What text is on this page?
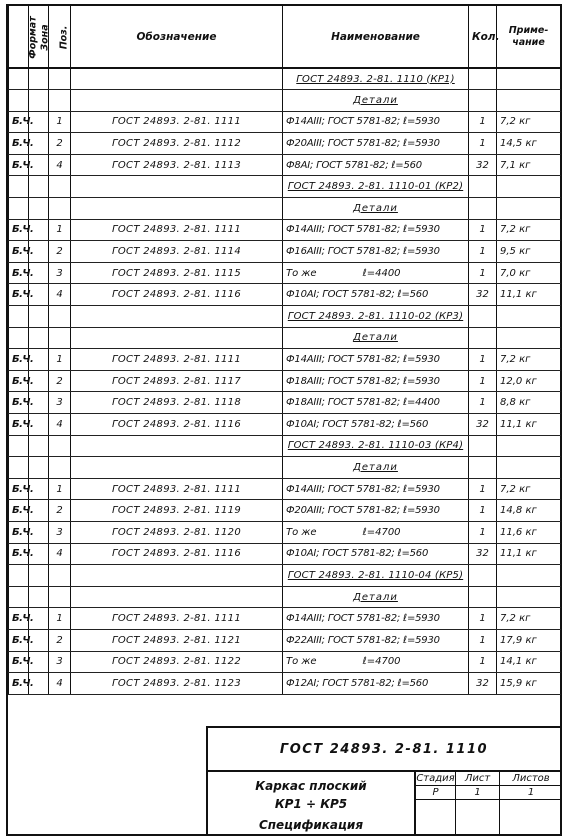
Формат	Зона	Поз.	Обозначение	Наименование	Кол.	Приме-
чание
				ГОСТ 24893. 2-81. 1110 (КР1)		
				Детали		
Б.Ч.		1	ГОСТ 24893. 2-81. 1111	Ф14АIII; ГОСТ 5781-82; ℓ=5930	1	7,2 кг
Б.Ч.		2	ГОСТ 24893. 2-81. 1112	Ф20АIII; ГОСТ 5781-82; ℓ=5930	1	14,5 кг
Б.Ч.		4	ГОСТ 24893. 2-81. 1113	Ф8АI; ГОСТ 5781-82; ℓ=560	32	7,1 кг
				ГОСТ 24893. 2-81. 1110-01 (КР2)		
				Детали		
Б.Ч.		1	ГОСТ 24893. 2-81. 1111	Ф14АIII; ГОСТ 5781-82; ℓ=5930	1	7,2 кг
Б.Ч.		2	ГОСТ 24893. 2-81. 1114	Ф16АIII; ГОСТ 5781-82; ℓ=5930	1	9,5 кг
Б.Ч.		3	ГОСТ 24893. 2-81. 1115	То же ℓ=4400	1	7,0 кг
Б.Ч.		4	ГОСТ 24893. 2-81. 1116	Ф10АI; ГОСТ 5781-82; ℓ=560	32	11,1 кг
				ГОСТ 24893. 2-81. 1110-02 (КР3)		
				Детали		
Б.Ч.		1	ГОСТ 24893. 2-81. 1111	Ф14АIII; ГОСТ 5781-82; ℓ=5930	1	7,2 кг
Б.Ч.		2	ГОСТ 24893. 2-81. 1117	Ф18АIII; ГОСТ 5781-82; ℓ=5930	1	12,0 кг
Б.Ч.		3	ГОСТ 24893. 2-81. 1118	Ф18АIII; ГОСТ 5781-82; ℓ=4400	1	8,8 кг
Б.Ч.		4	ГОСТ 24893. 2-81. 1116	Ф10АI; ГОСТ 5781-82; ℓ=560	32	11,1 кг
				ГОСТ 24893. 2-81. 1110-03 (КР4)		
				Детали		
Б.Ч.		1	ГОСТ 24893. 2-81. 1111	Ф14АIII; ГОСТ 5781-82; ℓ=5930	1	7,2 кг
Б.Ч.		2	ГОСТ 24893. 2-81. 1119	Ф20АIII; ГОСТ 5781-82; ℓ=5930	1	14,8 кг
Б.Ч.		3	ГОСТ 24893. 2-81. 1120	То же ℓ=4700	1	11,6 кг
Б.Ч.		4	ГОСТ 24893. 2-81. 1116	Ф10АI; ГОСТ 5781-82; ℓ=560	32	11,1 кг
				ГОСТ 24893. 2-81. 1110-04 (КР5)		
				Детали		
Б.Ч.		1	ГОСТ 24893. 2-81. 1111	Ф14АIII; ГОСТ 5781-82; ℓ=5930	1	7,2 кг
Б.Ч.		2	ГОСТ 24893. 2-81. 1121	Ф22АIII; ГОСТ 5781-82; ℓ=5930	1	17,9 кг
Б.Ч.		3	ГОСТ 24893. 2-81. 1122	То же ℓ=4700	1	14,1 кг
Б.Ч.		4	ГОСТ 24893. 2-81. 1123	Ф12АI; ГОСТ 5781-82; ℓ=560	32	15,9 кг
ГОСТ 24893. 2-81. 1110
Каркас плоский
КР1 ÷ КР5
Спецификация
Стадия	Лист	Листов
Р	1	1
